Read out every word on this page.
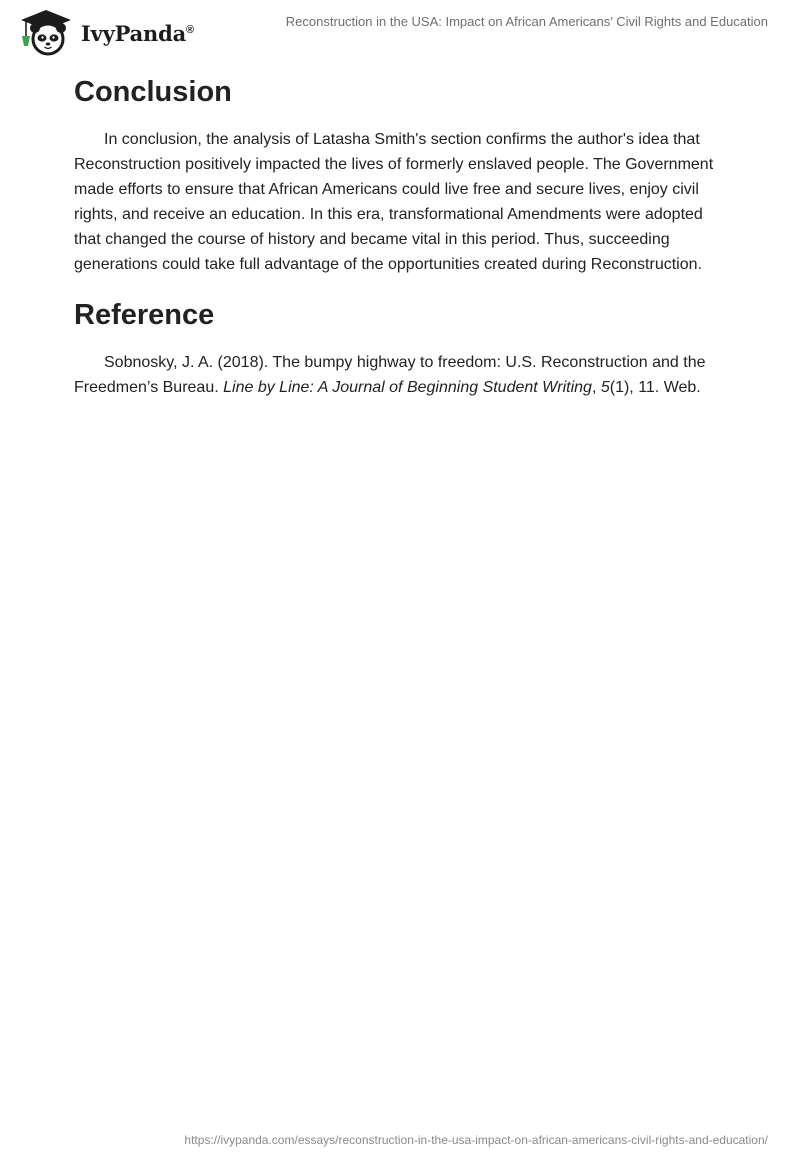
IvyPanda®
Reconstruction in the USA: Impact on African Americans’ Civil Rights and Education
Conclusion

In conclusion, the analysis of Latasha Smith's section confirms the author's idea that Reconstruction positively impacted the lives of formerly enslaved people. The Government made efforts to ensure that African Americans could live free and secure lives, enjoy civil rights, and receive an education. In this era, transformational Amendments were adopted that changed the course of history and became vital in this period. Thus, succeeding generations could take full advantage of the opportunities created during Reconstruction.

Reference

Sobnosky, J. A. (2018). The bumpy highway to freedom: U.S. Reconstruction and the Freedmen’s Bureau. Line by Line: A Journal of Beginning Student Writing, 5(1), 11. Web.

https://ivypanda.com/essays/reconstruction-in-the-usa-impact-on-african-americans-civil-rights-and-education/
